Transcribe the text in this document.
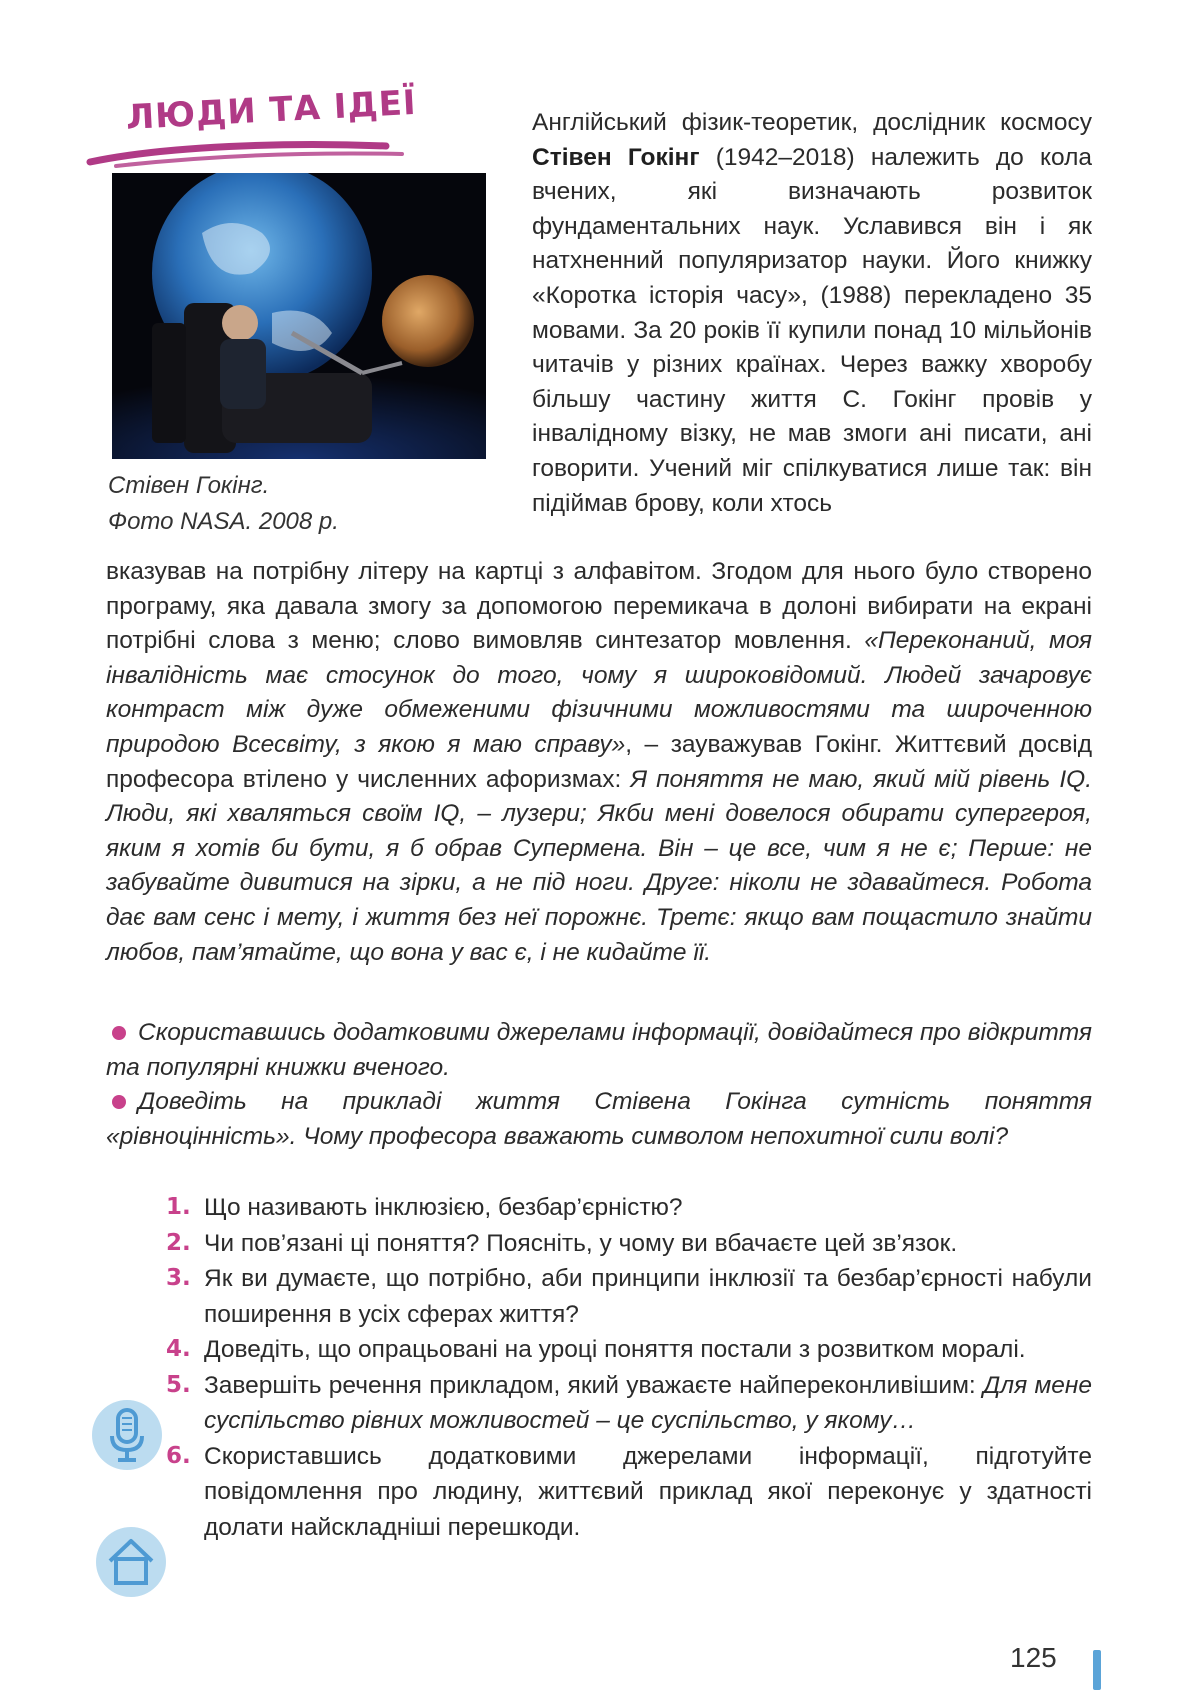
ЛЮДИ ТА ІДЕЇ
Стівен Гокінг.
Фото NASA. 2008 р.
Англійський фізик-теоретик, дослідник космосу Стівен Гокінг (1942–2018) належить до кола вчених, які визначають розвиток фундаментальних наук. Уславився він і як натхненний популяризатор науки. Його книжку «Коротка історія часу», (1988) перекладено 35 мовами. За 20 років її купили понад 10 мільйонів читачів у різних країнах. Через важку хворобу більшу частину життя С. Гокінг провів у інвалідному візку, не мав змоги ані писати, ані говорити. Учений міг спілкуватися лише так: він підіймав брову, коли хтось
вказував на потрібну літеру на картці з алфавітом. Згодом для нього було створено програму, яка давала змогу за допомогою перемикача в долоні вибирати на екрані потрібні слова з меню; слово вимовляв синтезатор мовлення. «Переконаний, моя інвалідність має стосунок до того, чому я широковідомий. Людей зачаровує контраст між дуже обмеженими фізичними можливостями та широченною природою Всесвіту, з якою я маю справу», – зауважував Гокінг. Життєвий досвід професора втілено у численних афоризмах: Я поняття не маю, який мій рівень IQ. Люди, які хваляться своїм IQ, – лузери; Якби мені довелося обирати супергероя, яким я хотів би бути, я б обрав Супермена. Він – це все, чим я не є; Перше: не забувайте дивитися на зірки, а не під ноги. Друге: ніколи не здавайтеся. Робота дає вам сенс і мету, і життя без неї порожнє. Третє: якщо вам пощастило знайти любов, пам’ятайте, що вона у вас є, і не кидайте її.
Скориставшись додатковими джерелами інформації, довідайтеся про відкриття та популярні книжки вченого.
Доведіть на прикладі життя Стівена Гокінга сутність поняття «рівноцінність». Чому професора вважають символом непохитної сили волі?
1. Що називають інклюзією, безбар’єрністю?
2. Чи пов’язані ці поняття? Поясніть, у чому ви вбачаєте цей зв’язок.
3. Як ви думаєте, що потрібно, аби принципи інклюзії та безбар’єрності набули поширення в усіх сферах життя?
4. Доведіть, що опрацьовані на уроці поняття постали з розвитком моралі.
5. Завершіть речення прикладом, який уважаєте найпереконливішим: Для мене суспільство рівних можливостей – це суспільство, у якому…
6. Скориставшись додатковими джерелами інформації, підготуйте повідомлення про людину, життєвий приклад якої переконує у здатності долати найскладніші перешкоди.
125
